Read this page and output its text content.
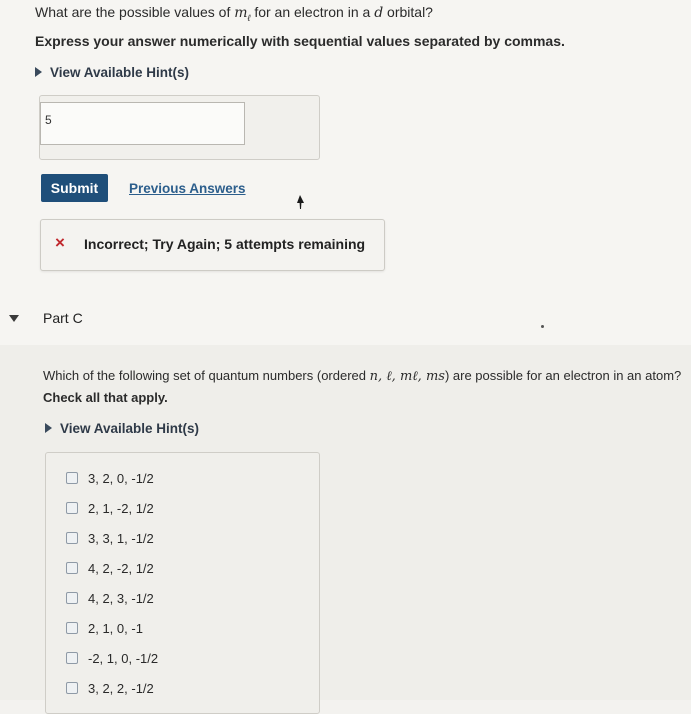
What are the possible values of $m_\ell$ for an electron in a d orbital?
Express your answer numerically with sequential values separated by commas.
View Available Hint(s)
5
Submit	Previous Answers
× Incorrect; Try Again; 5 attempts remaining
Part C
Which of the following set of quantum numbers (ordered n, ℓ, mℓ, ms) are possible for an electron in an atom?
Check all that apply.
View Available Hint(s)
3, 2, 0, -1/2
2, 1, -2, 1/2
3, 3, 1, -1/2
4, 2, -2, 1/2
4, 2, 3, -1/2
2, 1, 0, -1
-2, 1, 0, -1/2
3, 2, 2, -1/2
